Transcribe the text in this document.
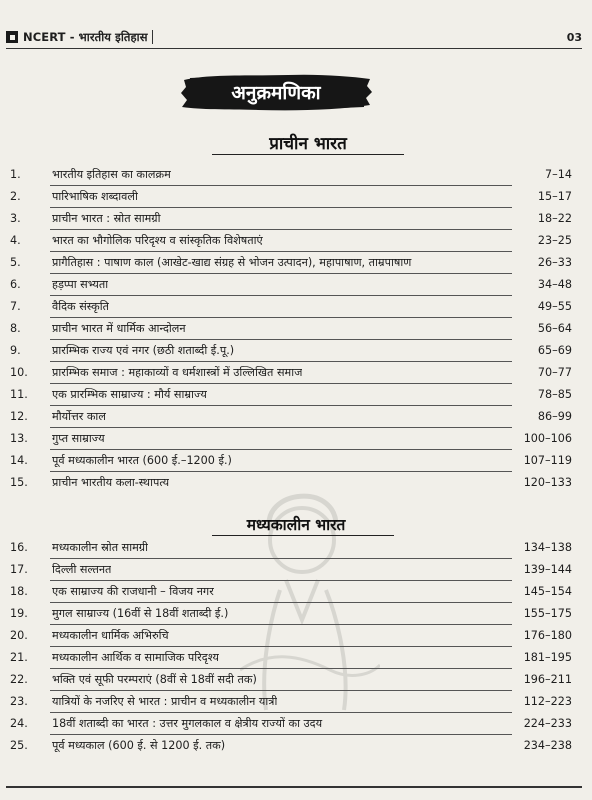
NCERT - भारतीय इतिहास	03
अनुक्रमणिका
प्राचीन भारत
मध्यकालीन भारत
1.	भारतीय इतिहास का कालक्रम	7–14
2.	पारिभाषिक शब्दावली	15–17
3.	प्राचीन भारत : स्रोत सामग्री	18–22
4.	भारत का भौगोलिक परिदृश्य व सांस्कृतिक विशेषताएं	23–25
5.	प्रागैतिहास : पाषाण काल (आखेट-खाद्य संग्रह से भोजन उत्पादन), महापाषाण, ताम्रपाषाण	26–33
6.	हड़प्पा सभ्यता	34–48
7.	वैदिक संस्कृति	49–55
8.	प्राचीन भारत में धार्मिक आन्दोलन	56–64
9.	प्रारम्भिक राज्य एवं नगर (छठी शताब्दी ई.पू.)	65–69
10.	प्रारम्भिक समाज : महाकाव्यों व धर्मशास्त्रों में उल्लिखित समाज	70–77
11.	एक प्रारम्भिक साम्राज्य : मौर्य साम्राज्य	78–85
12.	मौर्योत्तर काल	86–99
13.	गुप्त साम्राज्य	100–106
14.	पूर्व मध्यकालीन भारत (600 ई.–1200 ई.)	107–119
15.	प्राचीन भारतीय कला-स्थापत्य	120–133
16.	मध्यकालीन स्रोत सामग्री	134–138
17.	दिल्ली सल्तनत	139–144
18.	एक साम्राज्य की राजधानी – विजय नगर	145–154
19.	मुगल साम्राज्य (16वीं से 18वीं शताब्दी ई.)	155–175
20.	मध्यकालीन धार्मिक अभिरुचि	176–180
21.	मध्यकालीन आर्थिक व सामाजिक परिदृश्य	181–195
22.	भक्ति एवं सूफी परम्पराएं (8वीं से 18वीं सदी तक)	196–211
23.	यात्रियों के नजरिए से भारत : प्राचीन व मध्यकालीन यात्री	112–223
24.	18वीं शताब्दी का भारत : उत्तर मुगलकाल व क्षेत्रीय राज्यों का उदय	224–233
25.	पूर्व मध्यकाल (600 ई. से 1200 ई. तक)	234–238
